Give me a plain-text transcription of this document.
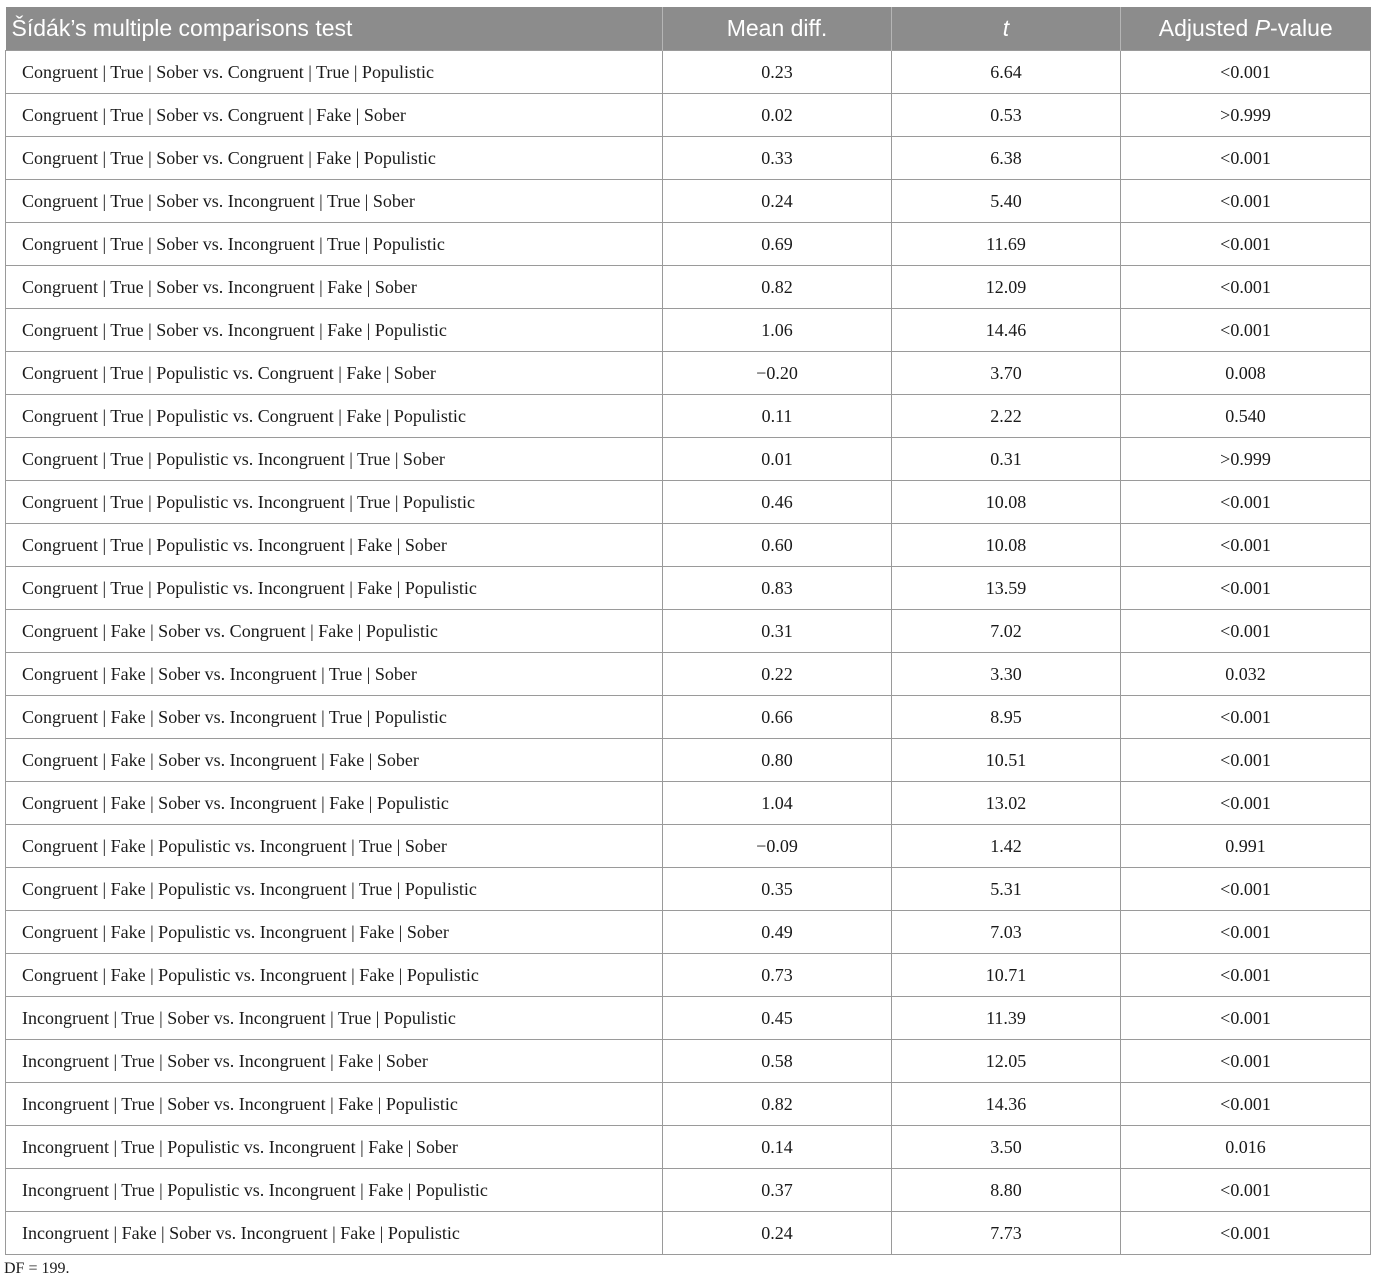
Šídák’s multiple comparisons test	Mean diff.	t	Adjusted P-value
Congruent | True | Sober vs. Congruent | True | Populistic	0.23	6.64	<0.001
Congruent | True | Sober vs. Congruent | Fake | Sober	0.02	0.53	>0.999
Congruent | True | Sober vs. Congruent | Fake | Populistic	0.33	6.38	<0.001
Congruent | True | Sober vs. Incongruent | True | Sober	0.24	5.40	<0.001
Congruent | True | Sober vs. Incongruent | True | Populistic	0.69	11.69	<0.001
Congruent | True | Sober vs. Incongruent | Fake | Sober	0.82	12.09	<0.001
Congruent | True | Sober vs. Incongruent | Fake | Populistic	1.06	14.46	<0.001
Congruent | True | Populistic vs. Congruent | Fake | Sober	−0.20	3.70	0.008
Congruent | True | Populistic vs. Congruent | Fake | Populistic	0.11	2.22	0.540
Congruent | True | Populistic vs. Incongruent | True | Sober	0.01	0.31	>0.999
Congruent | True | Populistic vs. Incongruent | True | Populistic	0.46	10.08	<0.001
Congruent | True | Populistic vs. Incongruent | Fake | Sober	0.60	10.08	<0.001
Congruent | True | Populistic vs. Incongruent | Fake | Populistic	0.83	13.59	<0.001
Congruent | Fake | Sober vs. Congruent | Fake | Populistic	0.31	7.02	<0.001
Congruent | Fake | Sober vs. Incongruent | True | Sober	0.22	3.30	0.032
Congruent | Fake | Sober vs. Incongruent | True | Populistic	0.66	8.95	<0.001
Congruent | Fake | Sober vs. Incongruent | Fake | Sober	0.80	10.51	<0.001
Congruent | Fake | Sober vs. Incongruent | Fake | Populistic	1.04	13.02	<0.001
Congruent | Fake | Populistic vs. Incongruent | True | Sober	−0.09	1.42	0.991
Congruent | Fake | Populistic vs. Incongruent | True | Populistic	0.35	5.31	<0.001
Congruent | Fake | Populistic vs. Incongruent | Fake | Sober	0.49	7.03	<0.001
Congruent | Fake | Populistic vs. Incongruent | Fake | Populistic	0.73	10.71	<0.001
Incongruent | True | Sober vs. Incongruent | True | Populistic	0.45	11.39	<0.001
Incongruent | True | Sober vs. Incongruent | Fake | Sober	0.58	12.05	<0.001
Incongruent | True | Sober vs. Incongruent | Fake | Populistic	0.82	14.36	<0.001
Incongruent | True | Populistic vs. Incongruent | Fake | Sober	0.14	3.50	0.016
Incongruent | True | Populistic vs. Incongruent | Fake | Populistic	0.37	8.80	<0.001
Incongruent | Fake | Sober vs. Incongruent | Fake | Populistic	0.24	7.73	<0.001
DF = 199.
